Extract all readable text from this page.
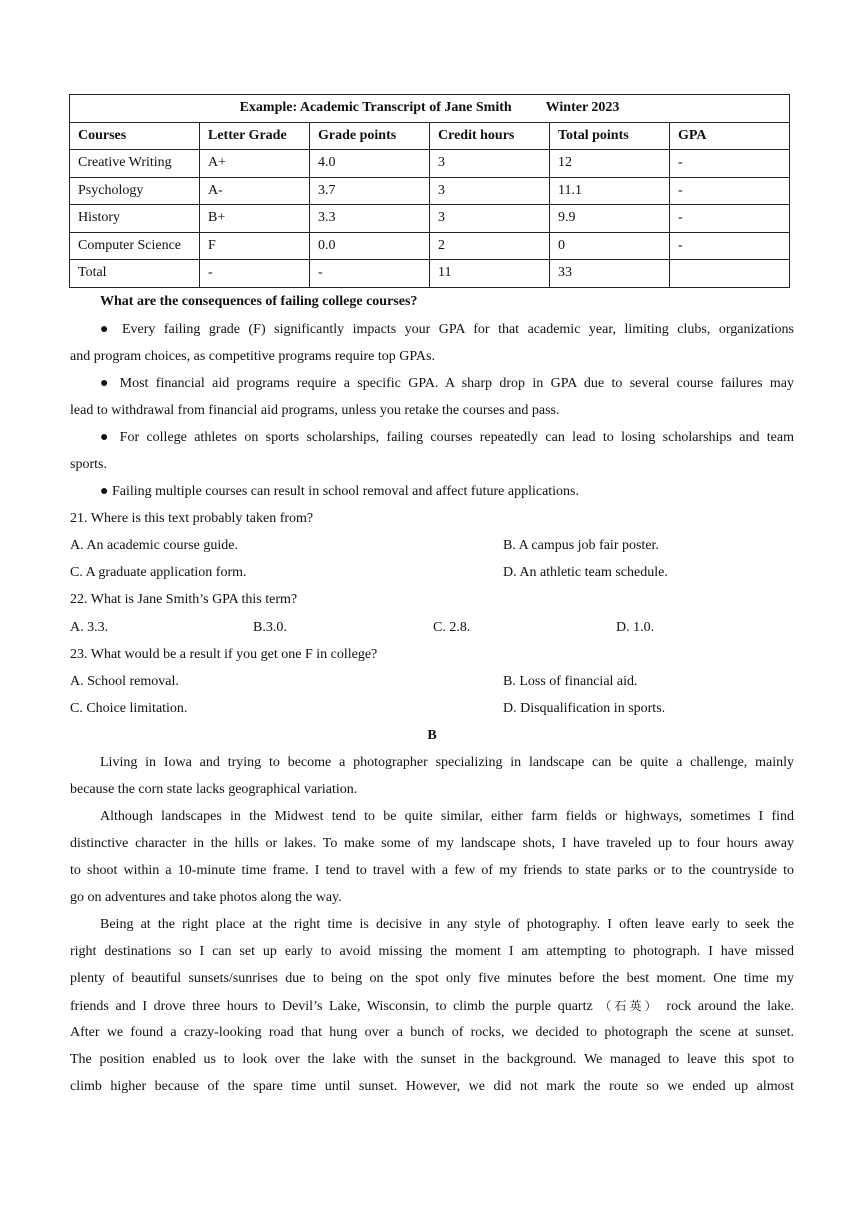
Example: Academic Transcript of Jane Smith Winter 2023					
Courses	Letter Grade	Grade points	Credit hours	Total points	GPA
Creative Writing	A+	4.0	3	12	-
Psychology	A-	3.7	3	11.1	-
History	B+	3.3	3	9.9	-
Computer Science	F	0.0	2	0	-
Total	-	-	11	33	
What are the consequences of failing college courses?
● Every failing grade (F) significantly impacts your GPA for that academic year, limiting clubs, organizations
and program choices, as competitive programs require top GPAs.
● Most financial aid programs require a specific GPA. A sharp drop in GPA due to several course failures may
lead to withdrawal from financial aid programs, unless you retake the courses and pass.
● For college athletes on sports scholarships, failing courses repeatedly can lead to losing scholarships and team
sports.
● Failing multiple courses can result in school removal and affect future applications.
21. Where is this text probably taken from?
A. An academic course guide.	B. A campus job fair poster.
C. A graduate application form.	D. An athletic team schedule.
22. What is Jane Smith’s GPA this term?
A. 3.3.	B.3.0.	C. 2.8.	D. 1.0.
23. What would be a result if you get one F in college?
A. School removal.	B. Loss of financial aid.
C. Choice limitation.	D. Disqualification in sports.
B
Living in Iowa and trying to become a photographer specializing in landscape can be quite a challenge, mainly
because the corn state lacks geographical variation.
Although landscapes in the Midwest tend to be quite similar, either farm fields or highways, sometimes I find
distinctive character in the hills or lakes. To make some of my landscape shots, I have traveled up to four hours away
to shoot within a 10-minute time frame. I tend to travel with a few of my friends to state parks or to the countryside to
go on adventures and take photos along the way.
Being at the right place at the right time is decisive in any style of photography. I often leave early to seek the
right destinations so I can set up early to avoid missing the moment I am attempting to photograph. I have missed
plenty of beautiful sunsets/sunrises due to being on the spot only five minutes before the best moment. One time my
friends and I drove three hours to Devil’s Lake, Wisconsin, to climb the purple quartz （石英） rock around the lake.
After we found a crazy-looking road that hung over a bunch of rocks, we decided to photograph the scene at sunset.
The position enabled us to look over the lake with the sunset in the background. We managed to leave this spot to
climb higher because of the spare time until sunset. However, we did not mark the route so we ended up almost
